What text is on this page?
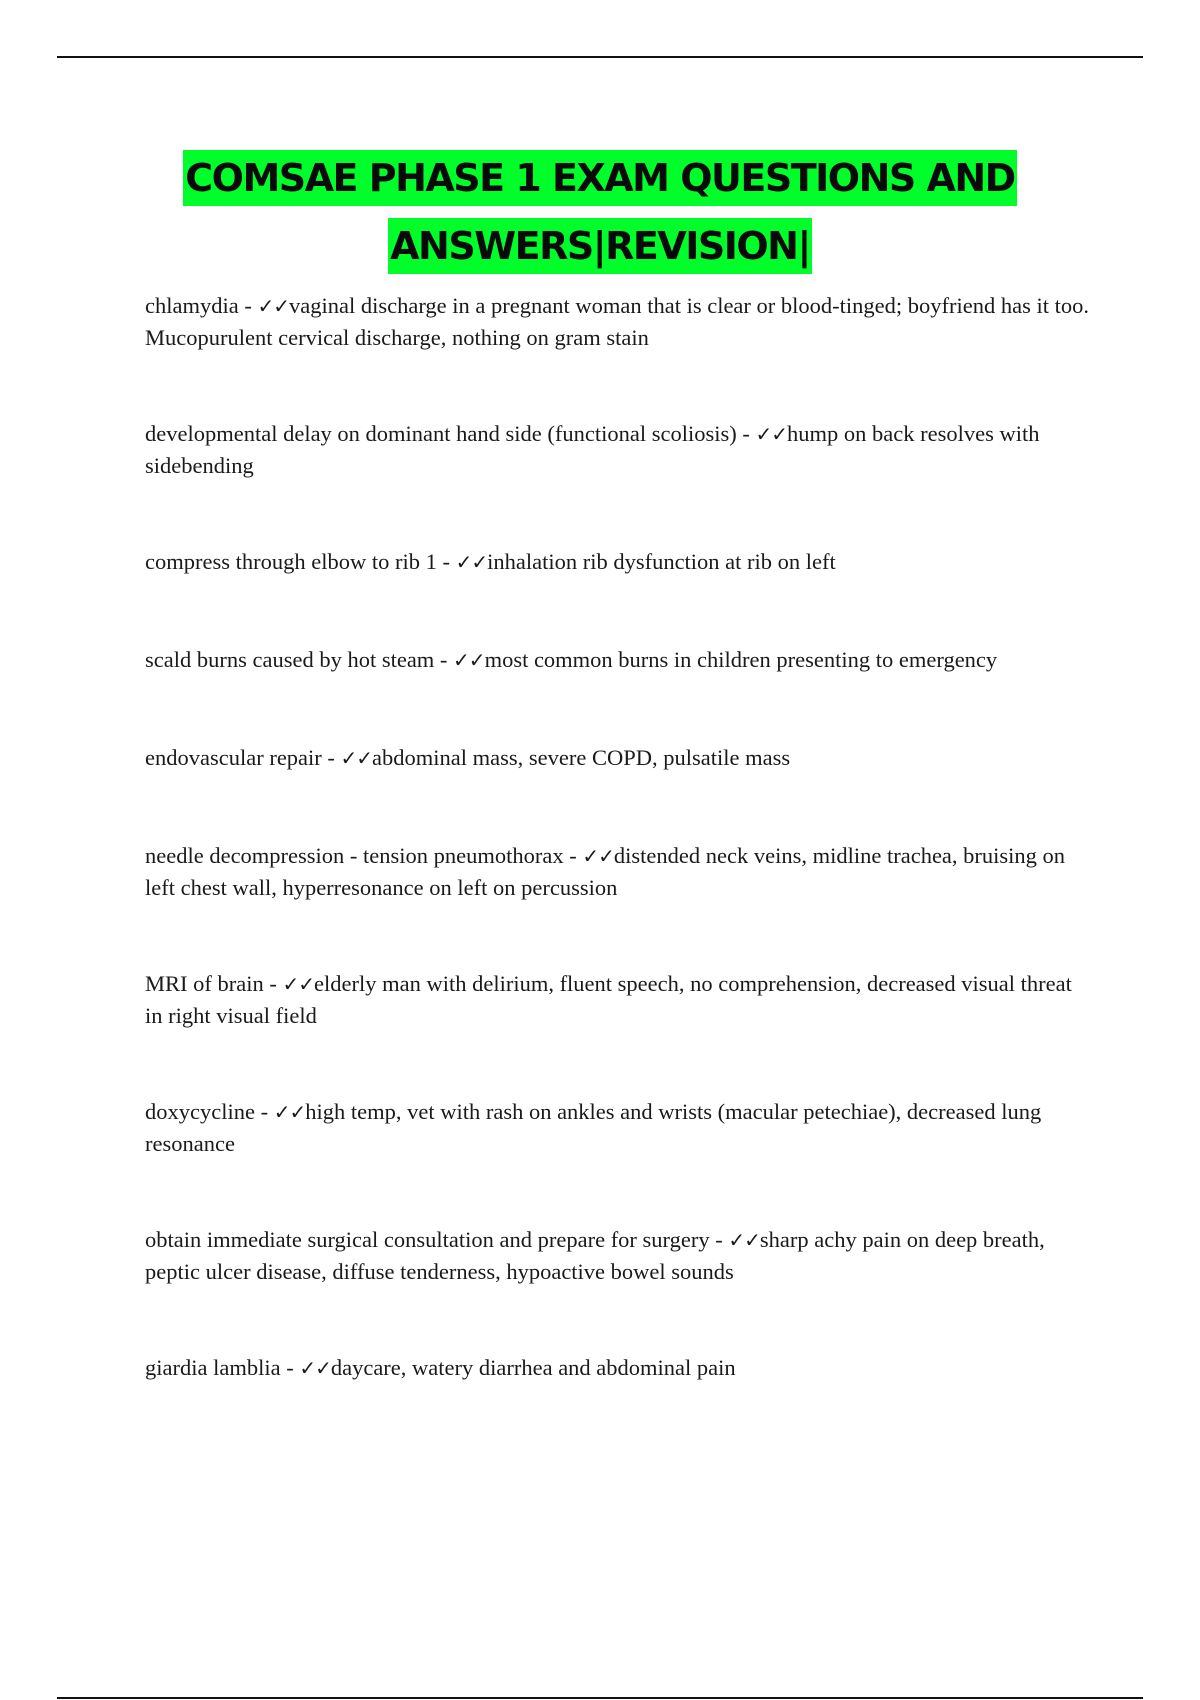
COMSAE PHASE 1 EXAM QUESTIONS AND
ANSWERS|REVISION|
chlamydia - ✓✓vaginal discharge in a pregnant woman that is clear or blood-tinged; boyfriend has it too. Mucopurulent cervical discharge, nothing on gram stain
developmental delay on dominant hand side (functional scoliosis) - ✓✓hump on back resolves with sidebending
compress through elbow to rib 1 - ✓✓inhalation rib dysfunction at rib on left
scald burns caused by hot steam - ✓✓most common burns in children presenting to emergency
endovascular repair - ✓✓abdominal mass, severe COPD, pulsatile mass
needle decompression - tension pneumothorax - ✓✓distended neck veins, midline trachea, bruising on left chest wall, hyperresonance on left on percussion
MRI of brain - ✓✓elderly man with delirium, fluent speech, no comprehension, decreased visual threat in right visual field
doxycycline - ✓✓high temp, vet with rash on ankles and wrists (macular petechiae), decreased lung resonance
obtain immediate surgical consultation and prepare for surgery - ✓✓sharp achy pain on deep breath, peptic ulcer disease, diffuse tenderness, hypoactive bowel sounds
giardia lamblia - ✓✓daycare, watery diarrhea and abdominal pain
